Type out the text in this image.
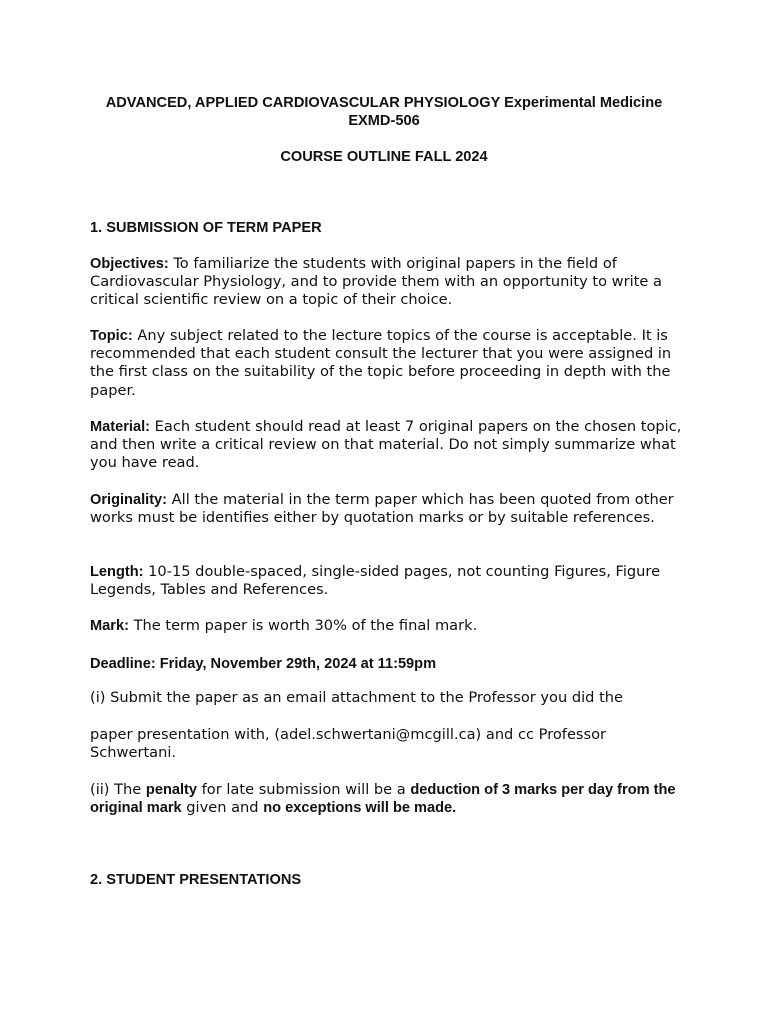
ADVANCED, APPLIED CARDIOVASCULAR PHYSIOLOGY Experimental Medicine
EXMD-506
COURSE OUTLINE FALL 2024

1. SUBMISSION OF TERM PAPER

Objectives: To familiarize the students with original papers in the field of Cardiovascular Physiology, and to provide them with an opportunity to write a critical scientific review on a topic of their choice.

Topic: Any subject related to the lecture topics of the course is acceptable. It is recommended that each student consult the lecturer that you were assigned in the first class on the suitability of the topic before proceeding in depth with the paper.

Material: Each student should read at least 7 original papers on the chosen topic, and then write a critical review on that material. Do not simply summarize what you have read.

Originality: All the material in the term paper which has been quoted from other works must be identifies either by quotation marks or by suitable references.

Length: 10-15 double-spaced, single-sided pages, not counting Figures, Figure Legends, Tables and References.

Mark: The term paper is worth 30% of the final mark.

Deadline: Friday, November 29th, 2024 at 11:59pm

(i) Submit the paper as an email attachment to the Professor you did the

paper presentation with, (adel.schwertani@mcgill.ca) and cc Professor Schwertani.

(ii) The penalty for late submission will be a deduction of 3 marks per day from the original mark given and no exceptions will be made.

2. STUDENT PRESENTATIONS
